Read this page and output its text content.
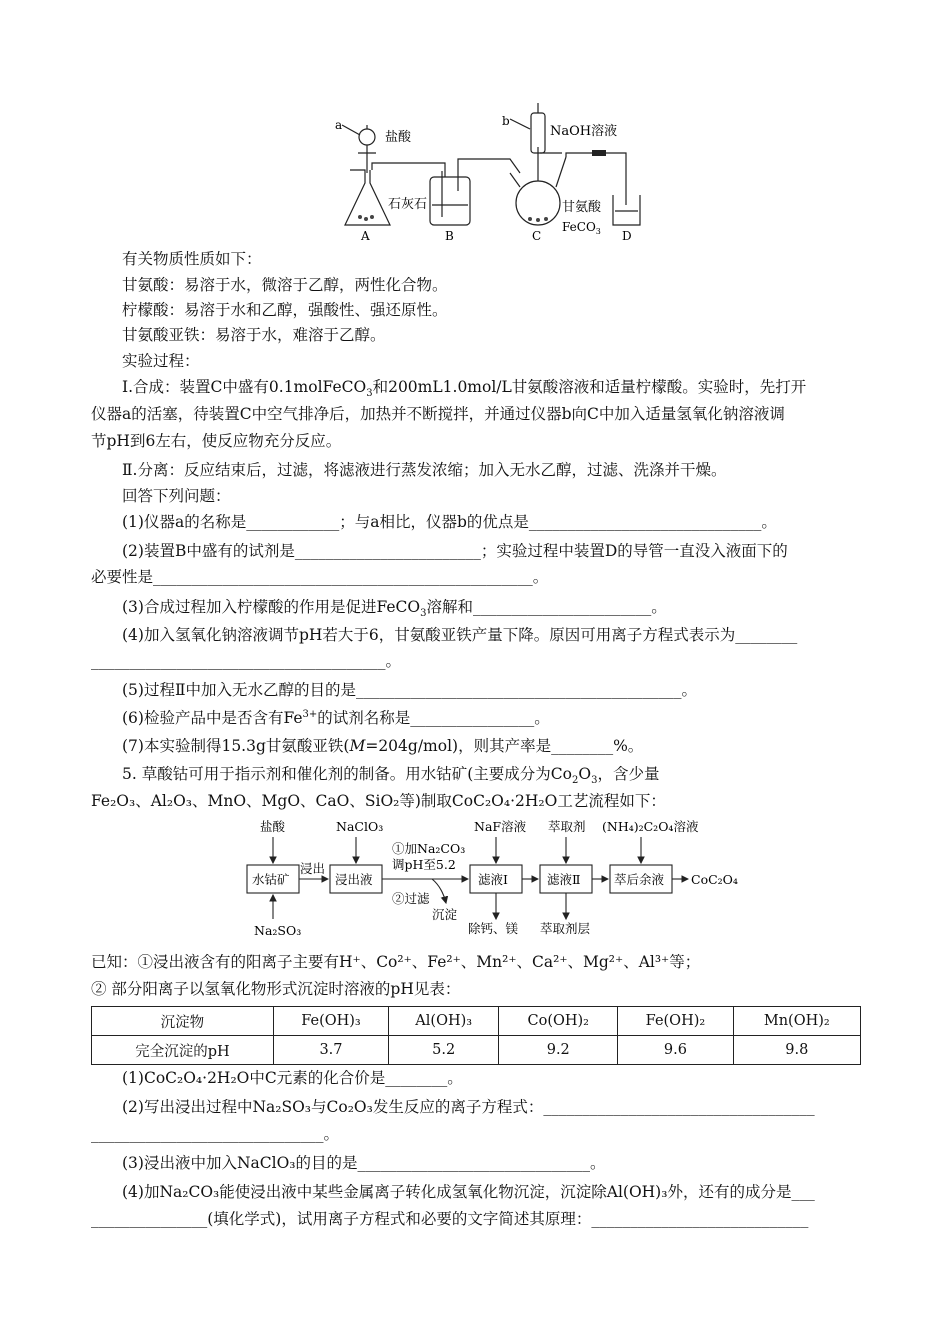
a
盐酸
石灰石
b
NaOH溶液
甘氨酸
FeCO$_3$
A	B	C	D
有关物质性质如下：
甘氨酸：易溶于水，微溶于乙醇，两性化合物。
柠檬酸：易溶于水和乙醇，强酸性、强还原性。
甘氨酸亚铁：易溶于水，难溶于乙醇。
实验过程：
Ⅰ.合成：装置C中盛有0.1molFeCO$_3$和200mL1.0mol/L甘氨酸溶液和适量柠檬酸。实验时，先打开
仪器a的活塞，待装置C中空气排净后，加热并不断搅拌，并通过仪器b向C中加入适量氢氧化钠溶液调
节pH到6左右，使反应物充分反应。
Ⅱ.分离：反应结束后，过滤，将滤液进行蒸发浓缩；加入无水乙醇，过滤、洗涤并干燥。
回答下列问题：
(1)仪器a的名称是____________；与a相比，仪器b的优点是______________________________。
(2)装置B中盛有的试剂是________________________；实验过程中装置D的导管一直没入液面下的
必要性是_________________________________________________。
(3)合成过程加入柠檬酸的作用是促进FeCO$_3$溶解和_______________________。
(4)加入氢氧化钠溶液调节pH若大于6，甘氨酸亚铁产量下降。原因可用离子方程式表示为________
______________________________________。
(5)过程Ⅱ中加入无水乙醇的目的是__________________________________________。
(6)检验产品中是否含有$Fe^{3+}$的试剂名称是________________。
(7)本实验制得15.3g甘氨酸亚铁(M=204g/mol)，则其产率是________%。
5. 草酸钴可用于指示剂和催化剂的制备。用水钴矿(主要成分为$Co_2O_3$，含少量
Fe₂O₃、Al₂O₃、MnO、MgO、CaO、SiO₂等)制取CoC₂O₄·2H₂O工艺流程如下：
盐酸	NaClO₃	NaF溶液 萃取剂 (NH₄)₂C₂O₄溶液
水钴矿
浸出
浸出液
①加Na₂CO₃
调pH至5.2
②过滤
滤液Ⅰ	滤液Ⅱ	萃后余液 CoC₂O₄
Na₂SO₃
沉淀
除钙、镁 萃取剂层
已知：①浸出液含有的阳离子主要有H⁺、Co²⁺、Fe²⁺、Mn²⁺、Ca²⁺、Mg²⁺、Al³⁺等；
② 部分阳离子以氢氧化物形式沉淀时溶液的pH见表：
沉淀物	Fe(OH)₃	Al(OH)₃	Co(OH)₂	Fe(OH)₂	Mn(OH)₂
完全沉淀的pH	3.7	5.2	9.2	9.6	9.8
(1)CoC₂O₄·2H₂O中C元素的化合价是________。
(2)写出浸出过程中Na₂SO₃与Co₂O₃发生反应的离子方程式：___________________________________
______________________________。
(3)浸出液中加入NaClO₃的目的是______________________________。
(4)加Na₂CO₃能使浸出液中某些金属离子转化成氢氧化物沉淀，沉淀除Al(OH)₃外，还有的成分是___
_______________(填化学式)，试用离子方程式和必要的文字简述其原理：____________________________
